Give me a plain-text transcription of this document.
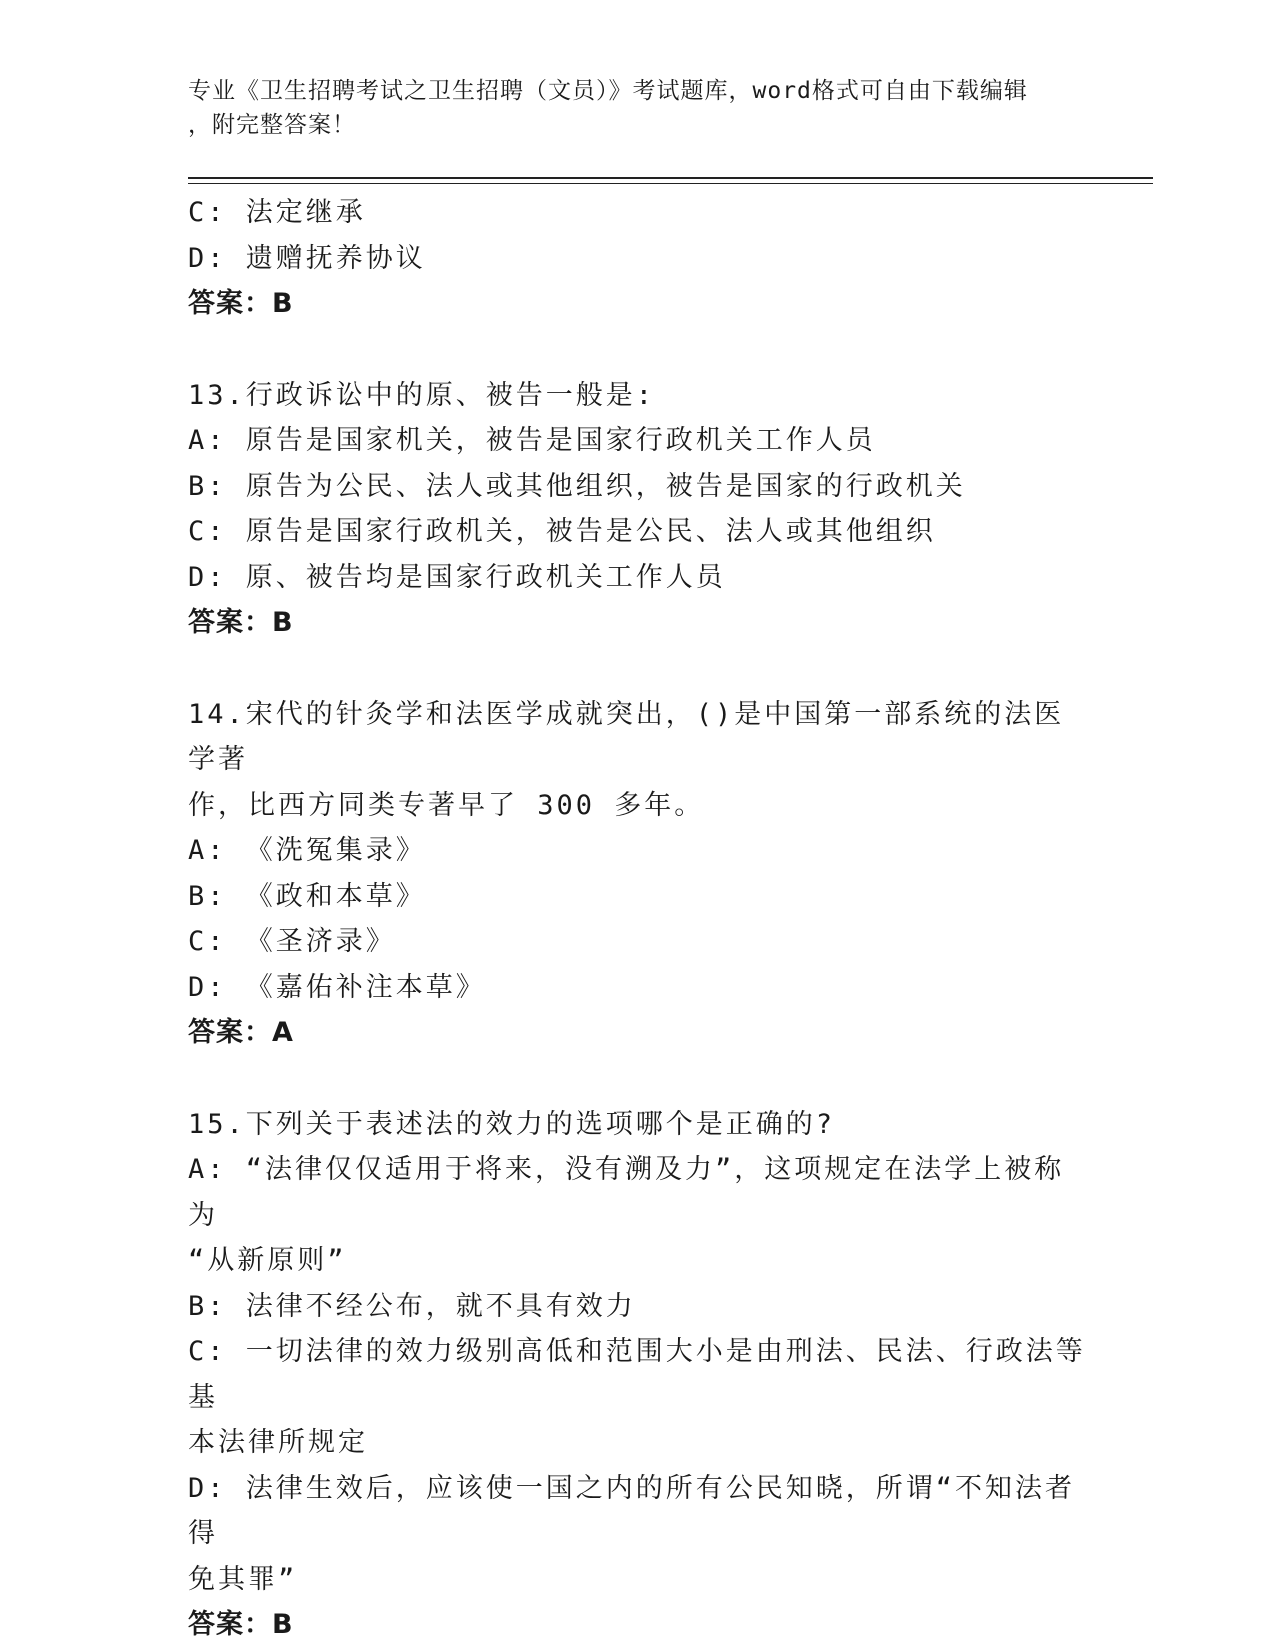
专业《卫生招聘考试之卫生招聘（文员）》考试题库，word格式可自由下载编辑
，附完整答案！
C: 法定继承
D: 遗赠抚养协议
答案：B
13.行政诉讼中的原、被告一般是:
A: 原告是国家机关，被告是国家行政机关工作人员
B: 原告为公民、法人或其他组织，被告是国家的行政机关
C: 原告是国家行政机关，被告是公民、法人或其他组织
D: 原、被告均是国家行政机关工作人员
答案：B
14.宋代的针灸学和法医学成就突出，()是中国第一部系统的法医学著
作，比西方同类专著早了 300 多年。
A: 《洗冤集录》
B: 《政和本草》
C: 《圣济录》
D: 《嘉佑补注本草》
答案：A
15.下列关于表述法的效力的选项哪个是正确的?
A: “法律仅仅适用于将来，没有溯及力”，这项规定在法学上被称为
“从新原则”
B: 法律不经公布，就不具有效力
C: 一切法律的效力级别高低和范围大小是由刑法、民法、行政法等基
本法律所规定
D: 法律生效后，应该使一国之内的所有公民知晓，所谓“不知法者得
免其罪”
答案：B
